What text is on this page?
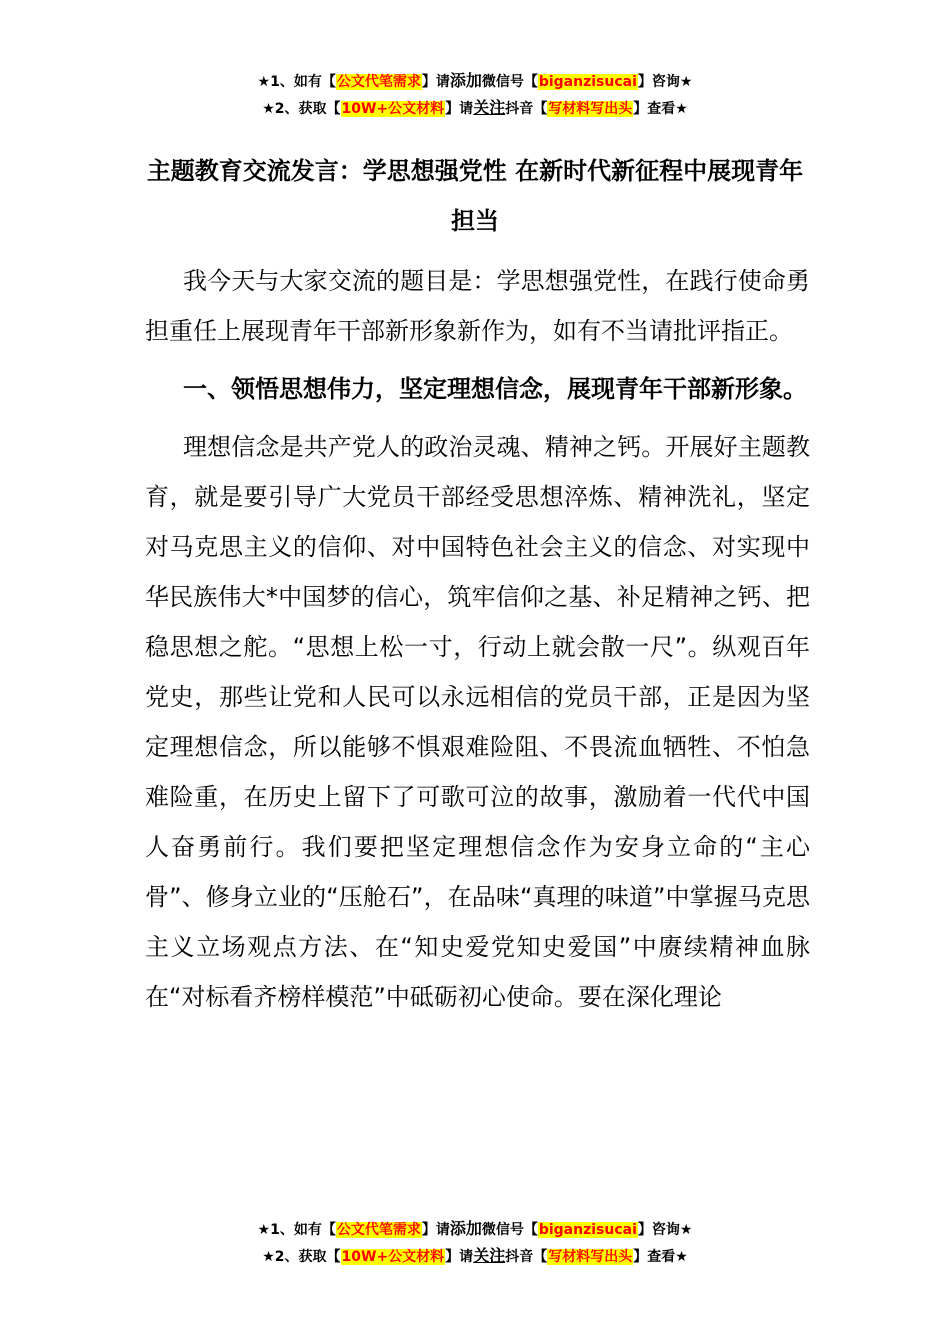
★1、如有【公文代笔需求】请添加微信号【biganzisucai】咨询★
★2、获取【10W+公文材料】请关注抖音【写材料写出头】查看★
主题教育交流发言：学思想强党性 在新时代新征程中展现青年担当

我今天与大家交流的题目是：学思想强党性，在践行使命勇担重任上展现青年干部新形象新作为，如有不当请批评指正。

一、领悟思想伟力，坚定理想信念，展现青年干部新形象。

理想信念是共产党人的政治灵魂、精神之钙。开展好主题教育，就是要引导广大党员干部经受思想淬炼、精神洗礼，坚定对马克思主义的信仰、对中国特色社会主义的信念、对实现中华民族伟大*中国梦的信心，筑牢信仰之基、补足精神之钙、把稳思想之舵。“思想上松一寸，行动上就会散一尺”。纵观百年党史，那些让党和人民可以永远相信的党员干部，正是因为坚定理想信念，所以能够不惧艰难险阻、不畏流血牺牲、不怕急难险重，在历史上留下了可歌可泣的故事，激励着一代代中国人奋勇前行。我们要把坚定理想信念作为安身立命的“主心骨”、修身立业的“压舱石”，在品味“真理的味道”中掌握马克思主义立场观点方法、在“知史爱党知史爱国”中赓续精神血脉在“对标看齐榜样模范”中砥砺初心使命。要在深化理论

★1、如有【公文代笔需求】请添加微信号【biganzisucai】咨询★
★2、获取【10W+公文材料】请关注抖音【写材料写出头】查看★
